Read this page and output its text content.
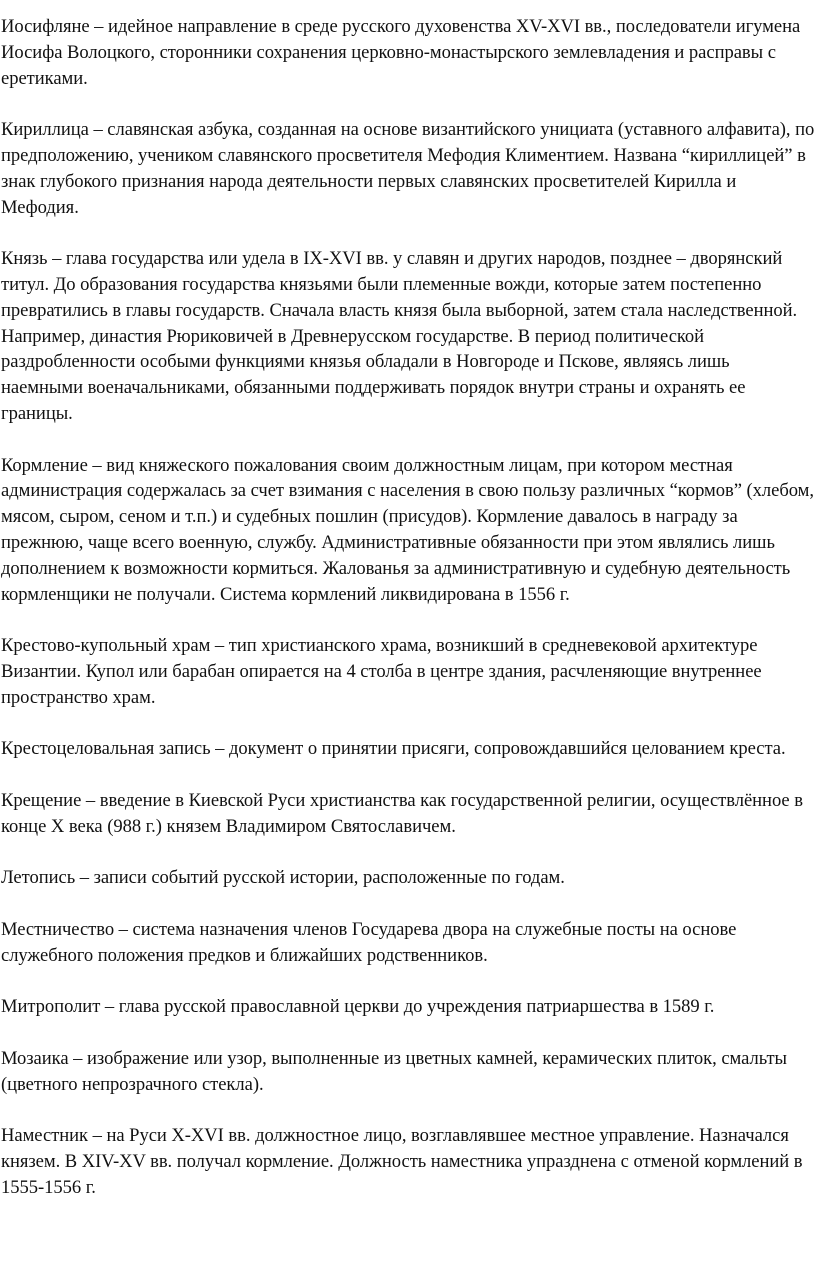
Иосифляне – идейное направление в среде русского духовенства XV-XVI вв., последователи игумена Иосифа Волоцкого, сторонники сохранения церковно-монастырского землевладения и расправы с еретиками.

Кириллица – славянская азбука, созданная на основе византийского унициата (уставного алфавита), по предположению, учеником славянского просветителя Мефодия Климентием. Названа “кириллицей” в знак глубокого признания народа деятельности первых славянских просветителей Кирилла и Мефодия.

Князь – глава государства или удела в IX-XVI вв. у славян и других народов, позднее – дворянский титул. До образования государства князьями были племенные вожди, которые затем постепенно превратились в главы государств. Сначала власть князя была выборной, затем стала наследственной. Например, династия Рюриковичей в Древнерусском государстве. В период политической раздробленности особыми функциями князья обладали в Новгороде и Пскове, являясь лишь наемными военачальниками, обязанными поддерживать порядок внутри страны и охранять ее границы.

Кормление – вид княжеского пожалования своим должностным лицам, при котором местная администрация содержалась за счет взимания с населения в свою пользу различных “кормов” (хлебом, мясом, сыром, сеном и т.п.) и судебных пошлин (присудов). Кормление давалось в награду за прежнюю, чаще всего военную, службу. Административные обязанности при этом являлись лишь дополнением к возможности кормиться. Жалованья за административную и судебную деятельность кормленщики не получали. Система кормлений ликвидирована в 1556 г.

Крестово-купольный храм – тип христианского храма, возникший в средневековой архитектуре Византии. Купол или барабан опирается на 4 столба в центре здания, расчленяющие внутреннее пространство храм.

Крестоцеловальная запись – документ о принятии присяги, сопровождавшийся целованием креста.

Крещение – введение в Киевской Руси христианства как государственной религии, осуществлённое в конце X века (988 г.) князем Владимиром Святославичем.

Летопись – записи событий русской истории, расположенные по годам.

Местничество – система назначения членов Государева двора на служебные посты на основе служебного положения предков и ближайших родственников.

Митрополит – глава русской православной церкви до учреждения патриаршества в 1589 г.

Мозаика – изображение или узор, выполненные из цветных камней, керамических плиток, смальты (цветного непрозрачного стекла).

Наместник – на Руси X-XVI вв. должностное лицо, возглавлявшее местное управление. Назначался князем. В XIV-XV вв. получал кормление. Должность наместника упразднена с отменой кормлений в 1555-1556 г.
